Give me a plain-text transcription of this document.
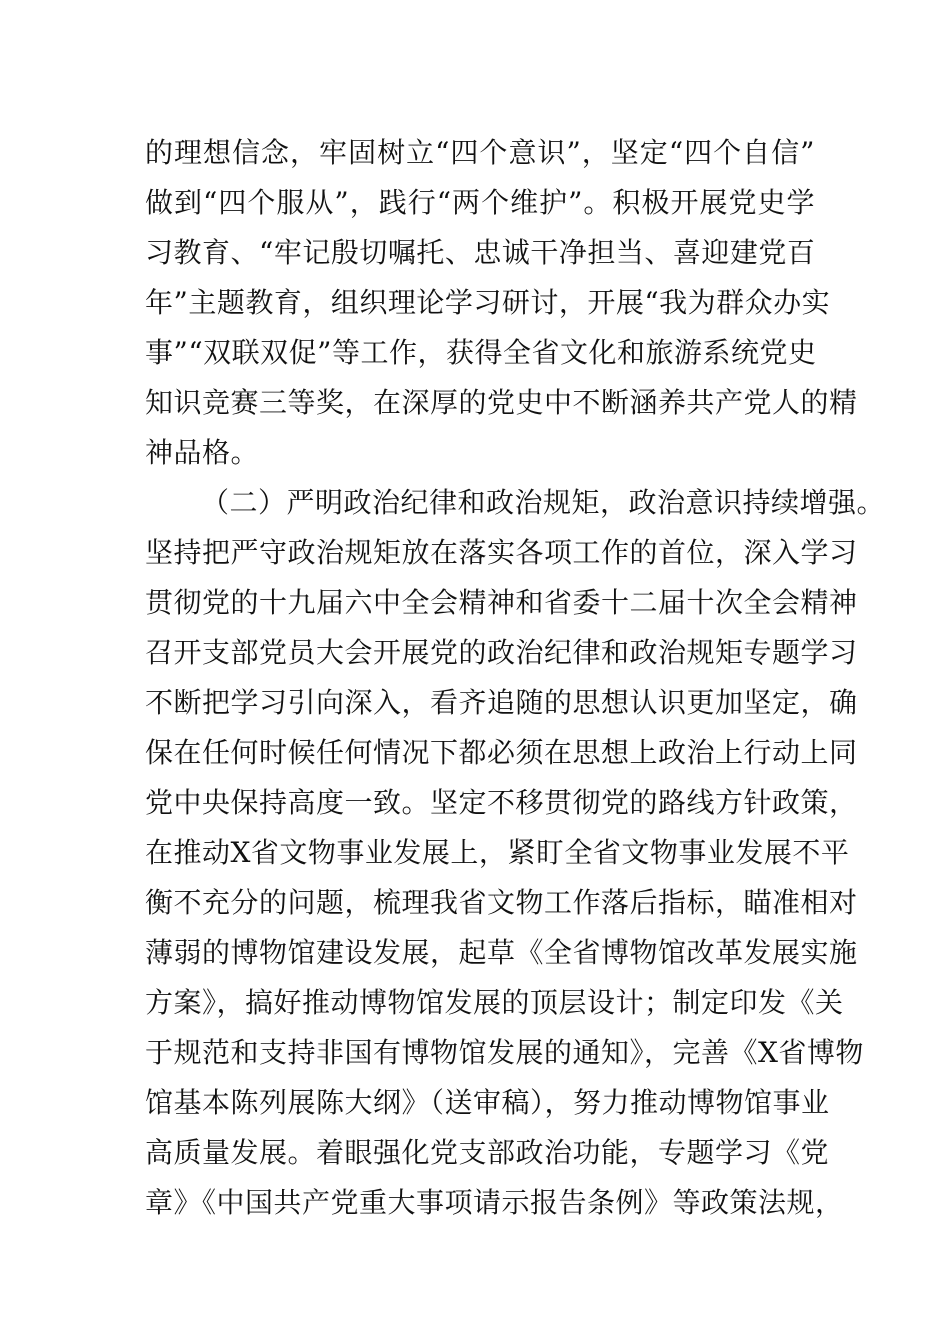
的理想信念，牢固树立“四个意识”，坚定“四个自信”
做到“四个服从”，践行“两个维护”。积极开展党史学
习教育、“牢记殷切嘱托、忠诚干净担当、喜迎建党百
年”主题教育，组织理论学习研讨，开展“我为群众办实
事”“双联双促”等工作，获得全省文化和旅游系统党史
知识竞赛三等奖，在深厚的党史中不断涵养共产党人的精
神品格。
（二）严明政治纪律和政治规矩，政治意识持续增强。
坚持把严守政治规矩放在落实各项工作的首位，深入学习
贯彻党的十九届六中全会精神和省委十二届十次全会精神
召开支部党员大会开展党的政治纪律和政治规矩专题学习
不断把学习引向深入，看齐追随的思想认识更加坚定，确
保在任何时候任何情况下都必须在思想上政治上行动上同
党中央保持高度一致。坚定不移贯彻党的路线方针政策，
在推动X省文物事业发展上，紧盯全省文物事业发展不平
衡不充分的问题，梳理我省文物工作落后指标，瞄准相对
薄弱的博物馆建设发展，起草《全省博物馆改革发展实施
方案》，搞好推动博物馆发展的顶层设计；制定印发《关
于规范和支持非国有博物馆发展的通知》，完善《X省博物
馆基本陈列展陈大纲》（送审稿），努力推动博物馆事业
高质量发展。着眼强化党支部政治功能，专题学习《党
章》《中国共产党重大事项请示报告条例》等政策法规，
